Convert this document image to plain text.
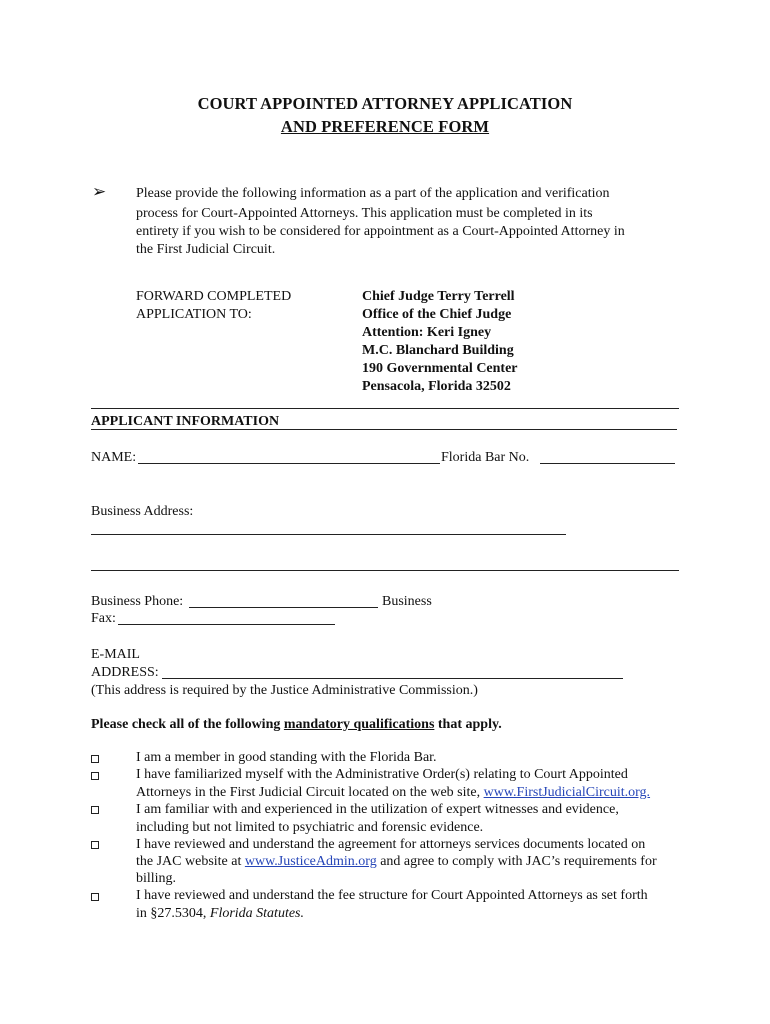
COURT APPOINTED ATTORNEY APPLICATION
AND PREFERENCE FORM
➢ Please provide the following information as a part of the application and verification
process for Court-Appointed Attorneys. This application must be completed in its
entirety if you wish to be considered for appointment as a Court-Appointed Attorney in
the First Judicial Circuit.
FORWARD COMPLETED
APPLICATION TO:
Chief Judge Terry Terrell
Office of the Chief Judge
Attention: Keri Igney
M.C. Blanchard Building
190 Governmental Center
Pensacola, Florida 32502
APPLICANT INFORMATION
NAME:	Florida Bar No.
Business Address:
Business Phone:	Business
Fax:
E-MAIL
ADDRESS:
(This address is required by the Justice Administrative Commission.)
Please check all of the following mandatory qualifications that apply.
I am a member in good standing with the Florida Bar.
I have familiarized myself with the Administrative Order(s) relating to Court Appointed
Attorneys in the First Judicial Circuit located on the web site, www.FirstJudicialCircuit.org.
I am familiar with and experienced in the utilization of expert witnesses and evidence,
including but not limited to psychiatric and forensic evidence.
I have reviewed and understand the agreement for attorneys services documents located on
the JAC website at www.JusticeAdmin.org and agree to comply with JAC’s requirements for
billing.
I have reviewed and understand the fee structure for Court Appointed Attorneys as set forth
in §27.5304, Florida Statutes.
